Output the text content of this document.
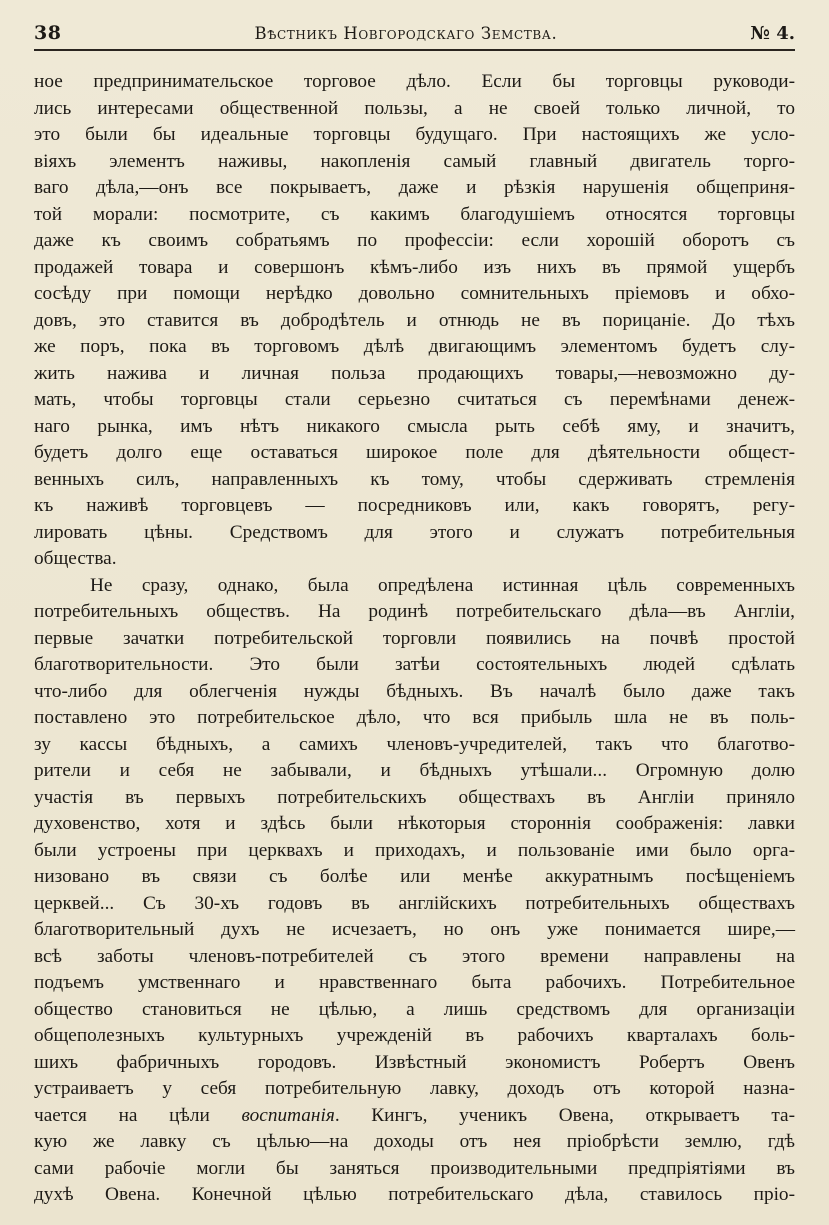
38	Вѣстникъ Новгородскаго Земства.	№ 4.

ное предпринимательское торговое дѣло. Если бы торговцы руководи-

лись интересами общественной пользы, а не своей только личной, то

это были бы идеальные торговцы будущаго. При настоящихъ же усло-

віяхъ элементъ наживы, накопленія самый главный двигатель торго-

ваго дѣла,—онъ все покрываетъ, даже и рѣзкія нарушенія общеприня-

той морали: посмотрите, съ какимъ благодушіемъ относятся торговцы

даже къ своимъ собратьямъ по профессіи: если хорошій оборотъ съ

продажей товара и совершонъ кѣмъ-либо изъ нихъ въ прямой ущербъ

сосѣду при помощи нерѣдко довольно сомнительныхъ пріемовъ и обхо-

довъ, это ставится въ добродѣтель и отнюдь не въ порицаніе. До тѣхъ

же поръ, пока въ торговомъ дѣлѣ двигающимъ элементомъ будетъ слу-

жить нажива и личная польза продающихъ товары,—невозможно ду-

мать, чтобы торговцы стали серьезно считаться съ перемѣнами денеж-

наго рынка, имъ нѣтъ никакого смысла рыть себѣ яму, и значитъ,

будетъ долго еще оставаться широкое поле для дѣятельности общест-

венныхъ силъ, направленныхъ къ тому, чтобы сдерживать стремленія

къ наживѣ торговцевъ — посредниковъ или, какъ говорятъ, регу-

лировать цѣны. Средствомъ для этого и служатъ потребительныя

общества.

Не сразу, однако, была опредѣлена истинная цѣль современныхъ

потребительныхъ обществъ. На родинѣ потребительскаго дѣла—въ Англіи,

первые зачатки потребительской торговли появились на почвѣ простой

благотворительности. Это были затѣи состоятельныхъ людей сдѣлать

что-либо для облегченія нужды бѣдныхъ. Въ началѣ было даже такъ

поставлено это потребительское дѣло, что вся прибыль шла не въ поль-

зу кассы бѣдныхъ, а самихъ членовъ-учредителей, такъ что благотво-

рители и себя не забывали, и бѣдныхъ утѣшали... Огромную долю

участія въ первыхъ потребительскихъ обществахъ въ Англіи приняло

духовенство, хотя и здѣсь были нѣкоторыя стороннія соображенія: лавки

были устроены при церквахъ и приходахъ, и пользованіе ими было орга-

низовано въ связи съ болѣе или менѣе аккуратнымъ посѣщеніемъ

церквей... Съ 30-хъ годовъ въ англійскихъ потребительныхъ обществахъ

благотворительный духъ не исчезаетъ, но онъ уже понимается шире,—

всѣ заботы членовъ-потребителей съ этого времени направлены на

подъемъ умственнаго и нравственнаго быта рабочихъ. Потребительное

общество становиться не цѣлью, а лишь средствомъ для организаціи

общеполезныхъ культурныхъ учрежденій въ рабочихъ кварталахъ боль-

шихъ фабричныхъ городовъ. Извѣстный экономистъ Робертъ Овенъ

устраиваетъ у себя потребительную лавку, доходъ отъ которой назна-

чается на цѣли воспитанія. Кингъ, ученикъ Овена, открываетъ та-

кую же лавку съ цѣлью—на доходы отъ нея пріобрѣсти землю, гдѣ

сами рабочіе могли бы заняться производительными предпріятіями въ

духѣ Овена. Конечной цѣлью потребительскаго дѣла, ставилось пріо-
